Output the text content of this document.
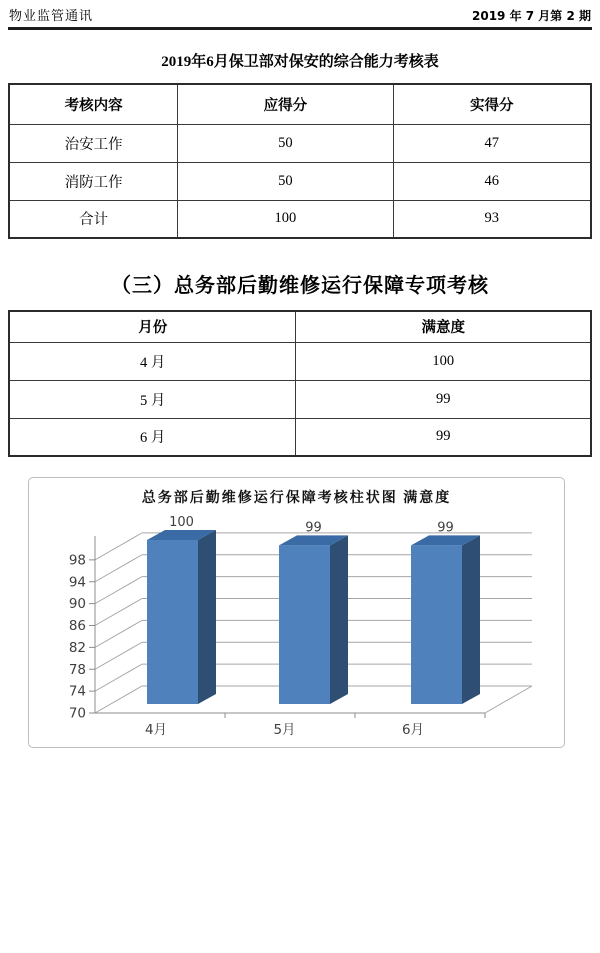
物业监管通讯	2019 年 7 月第 2 期
2019年6月保卫部对保安的综合能力考核表
考核内容	应得分	实得分
治安工作	50	47
消防工作	50	46
合计	100	93
（三）总务部后勤维修运行保障专项考核
月份	满意度
4 月	100
5 月	99
6 月	99
总务部后勤维修运行保障考核柱状图 满意度
98
94
90
86
82
78
74
70
100	99	99
4月	5月	6月
